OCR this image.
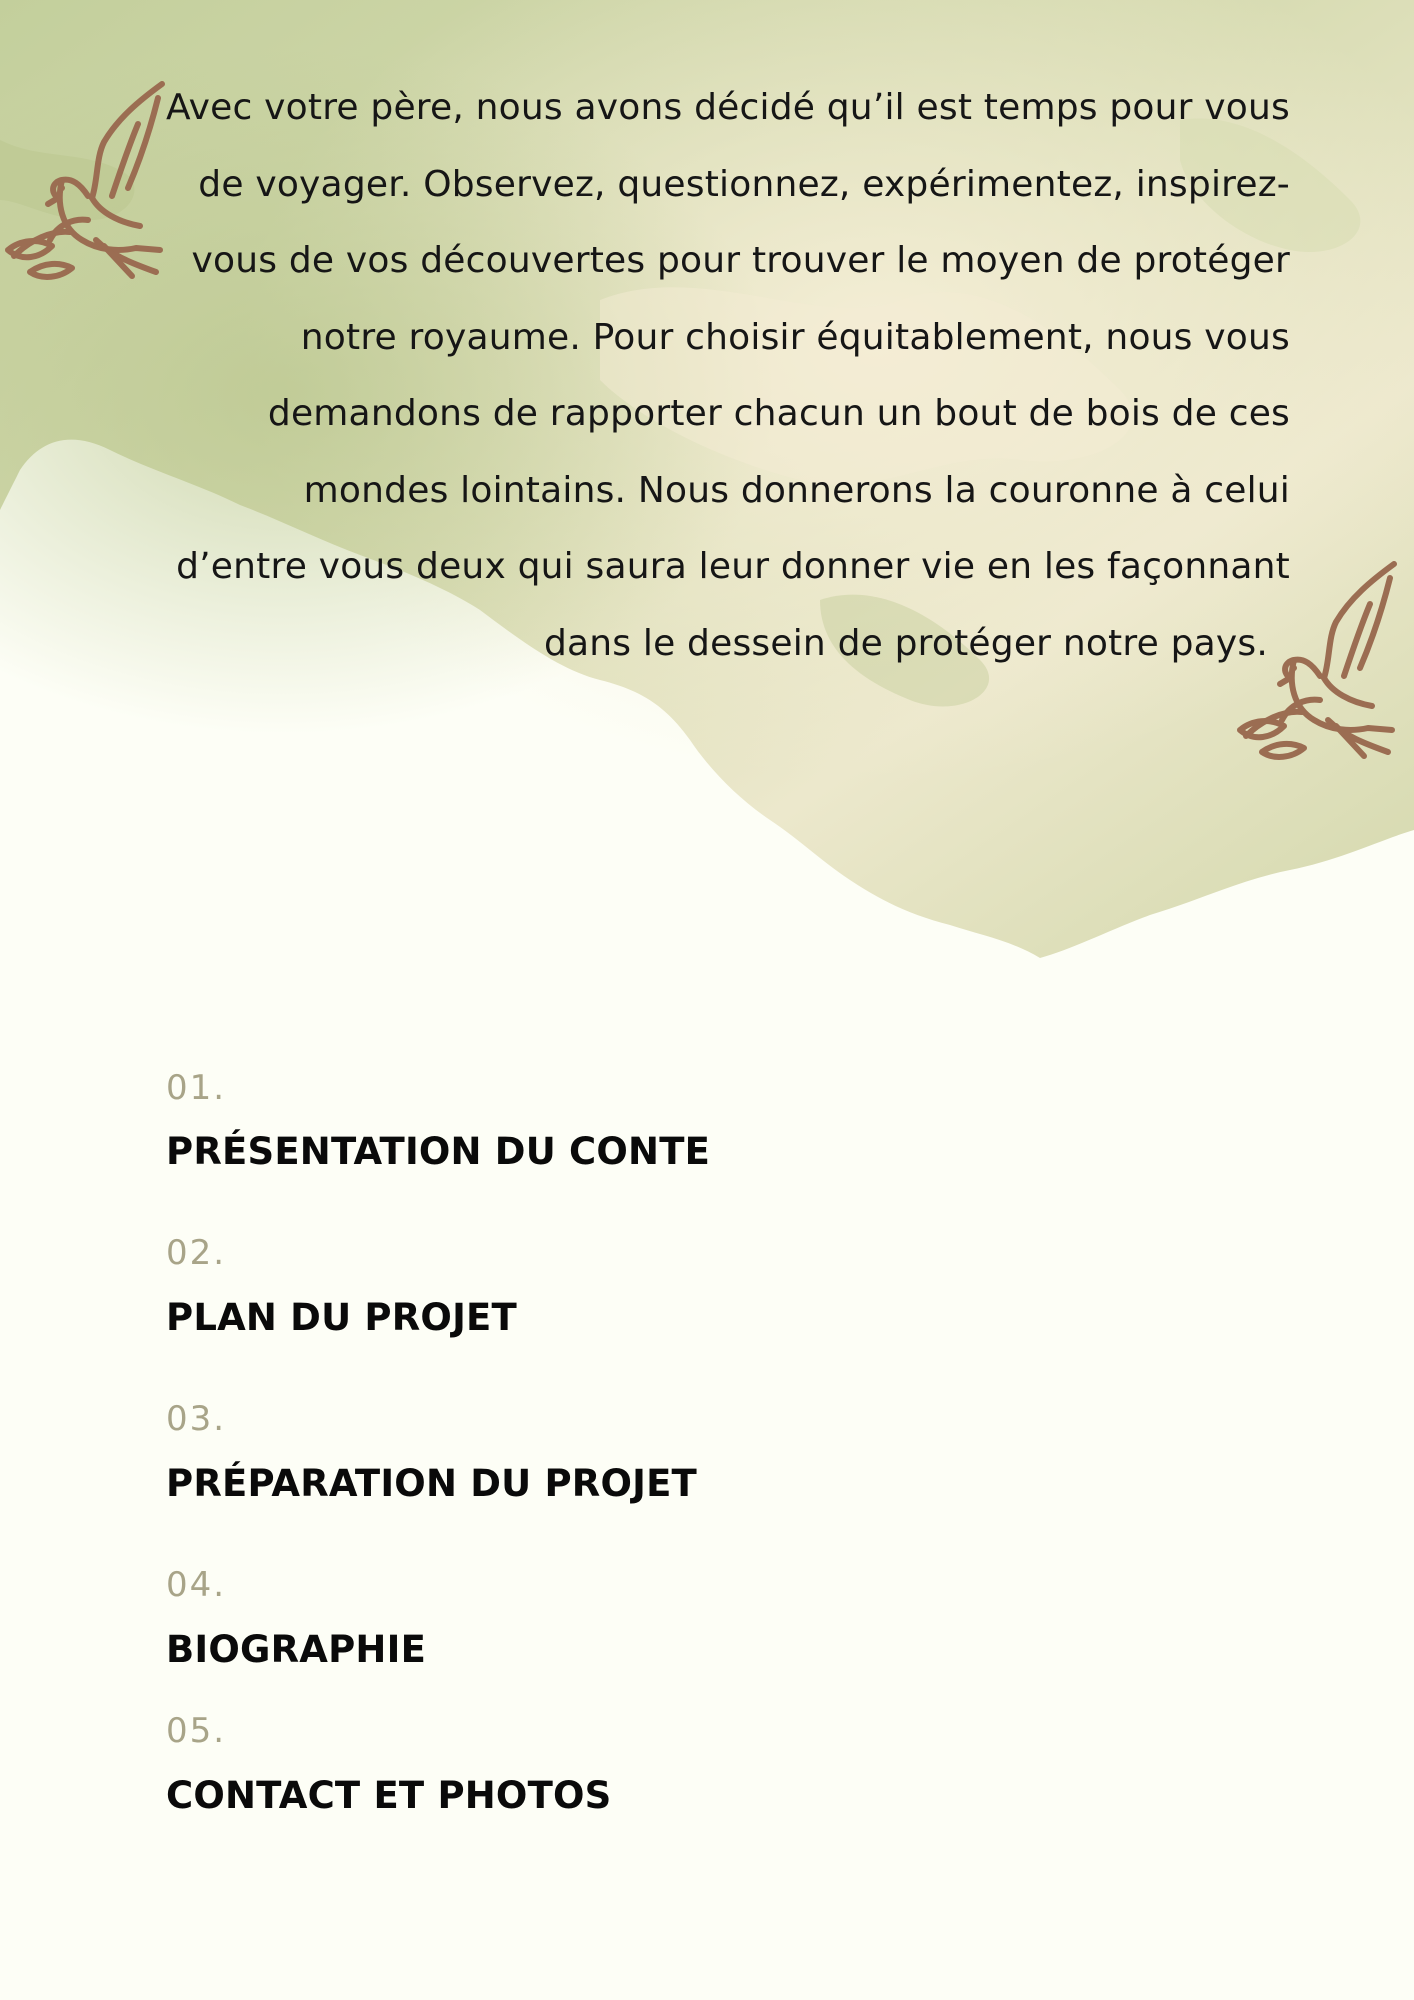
Avec votre père, nous avons décidé qu’il est temps pour vous
de voyager. Observez, questionnez, expérimentez, inspirez-
vous de vos découvertes pour trouver le moyen de protéger
notre royaume. Pour choisir équitablement, nous vous
demandons de rapporter chacun un bout de bois de ces
mondes lointains. Nous donnerons la couronne à celui
d’entre vous deux qui saura leur donner vie en les façonnant
dans le dessein de protéger notre pays.
01.
PRÉSENTATION DU CONTE
02.
PLAN DU PROJET
03.
PRÉPARATION DU PROJET
04.
BIOGRAPHIE
05.
CONTACT ET PHOTOS
